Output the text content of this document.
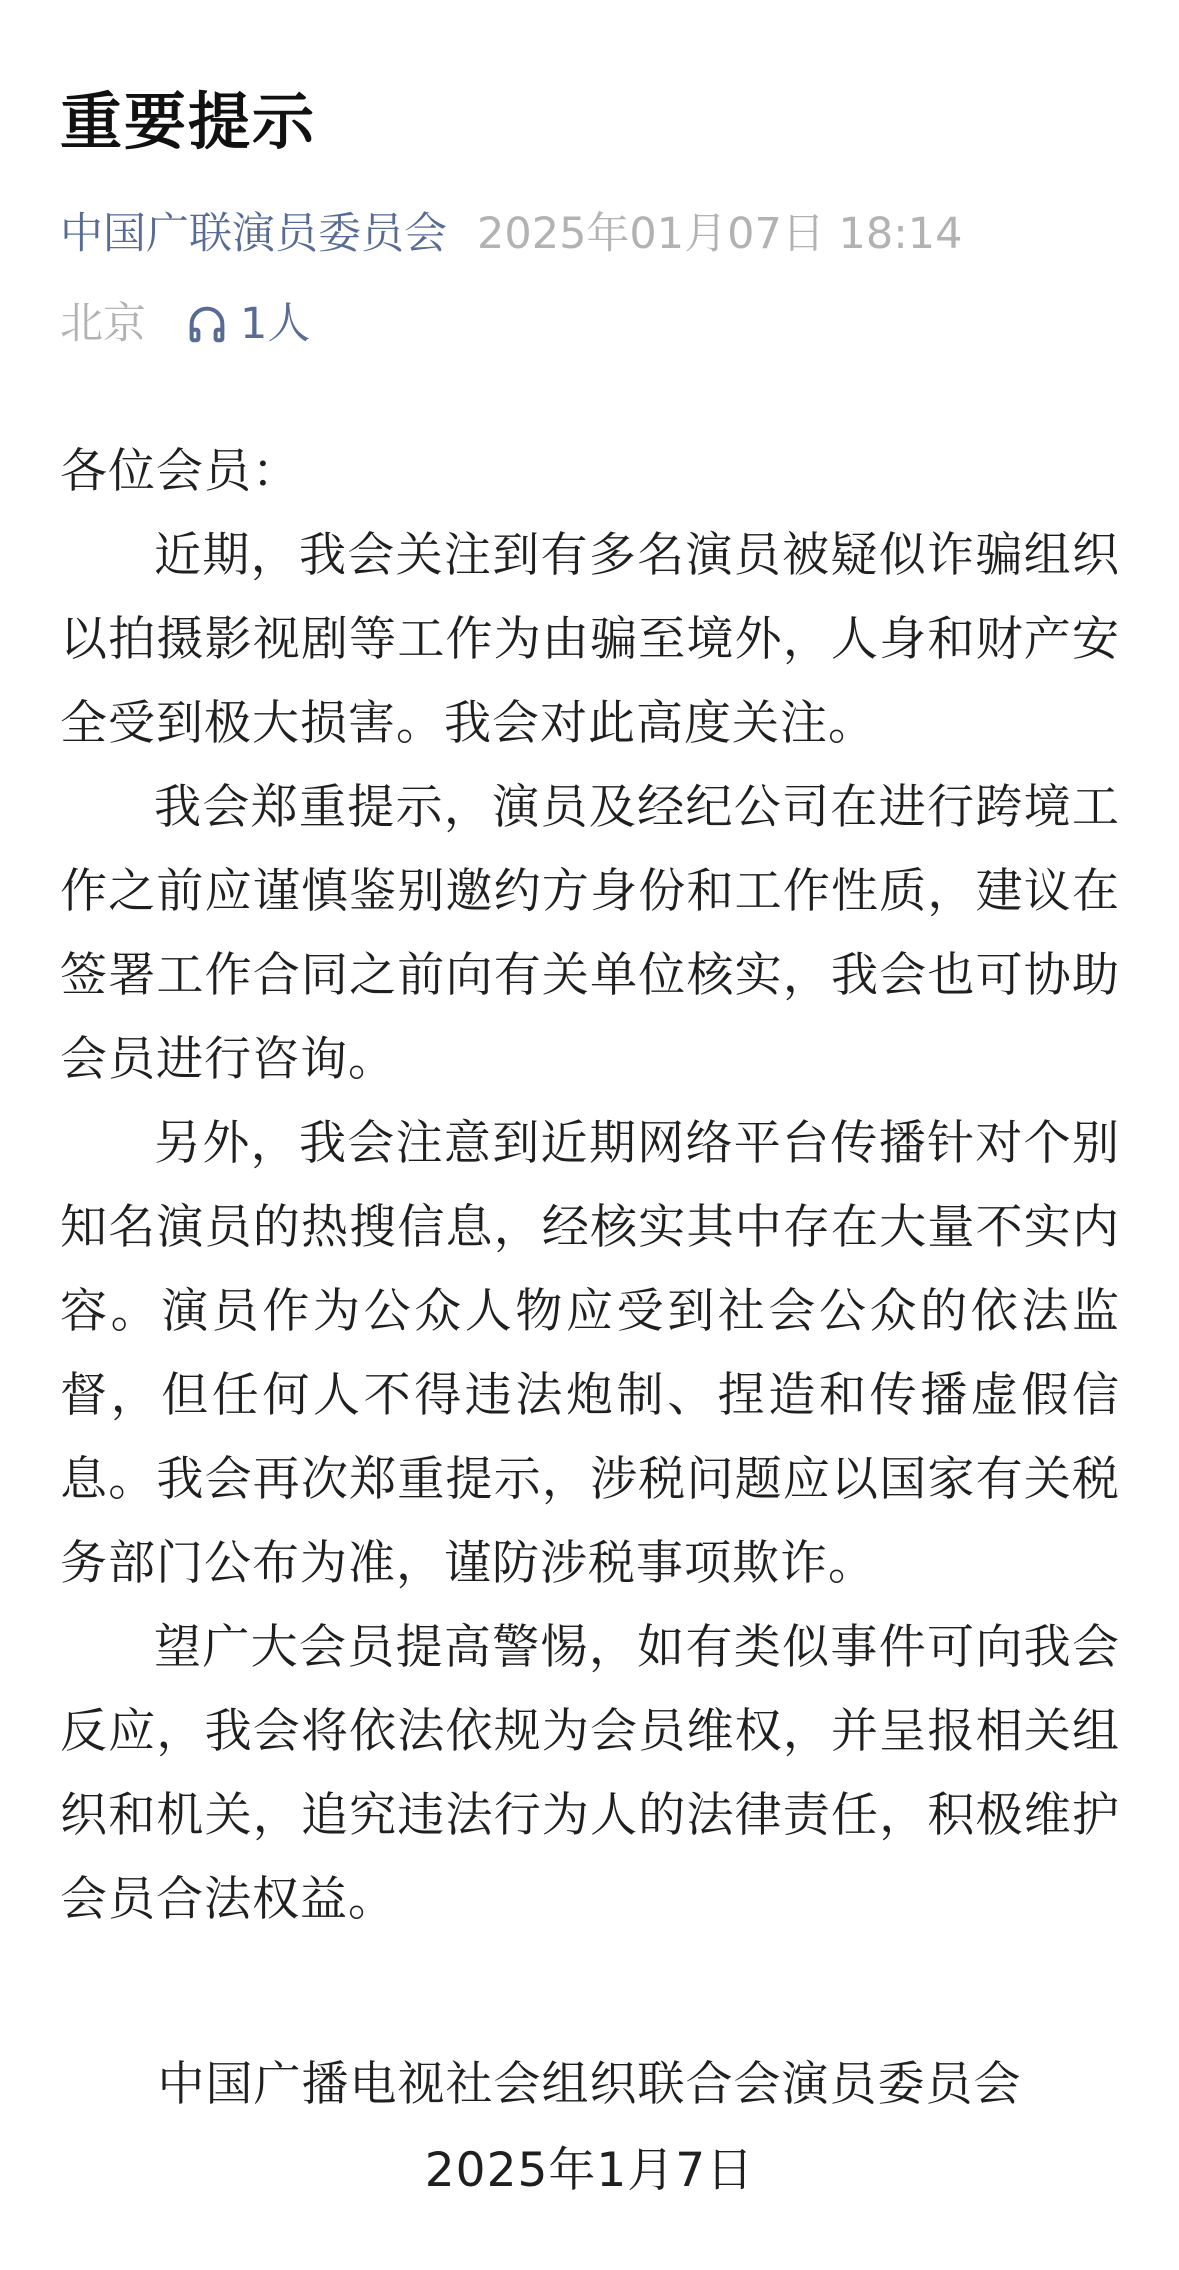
重要提示
中国广联演员委员会 2025年01月07日 18:14
北京 1人

各位会员：

近期，我会关注到有多名演员被疑似诈骗组织以拍摄影视剧等工作为由骗至境外，人身和财产安全受到极大损害。我会对此高度关注。

我会郑重提示，演员及经纪公司在进行跨境工作之前应谨慎鉴别邀约方身份和工作性质，建议在签署工作合同之前向有关单位核实，我会也可协助会员进行咨询。

另外，我会注意到近期网络平台传播针对个别知名演员的热搜信息，经核实其中存在大量不实内容。演员作为公众人物应受到社会公众的依法监督，但任何人不得违法炮制、捏造和传播虚假信息。我会再次郑重提示，涉税问题应以国家有关税务部门公布为准，谨防涉税事项欺诈。

望广大会员提高警惕，如有类似事件可向我会反应，我会将依法依规为会员维权，并呈报相关组织和机关，追究违法行为人的法律责任，积极维护会员合法权益。

中国广播电视社会组织联合会演员委员会
2025年1月7日
